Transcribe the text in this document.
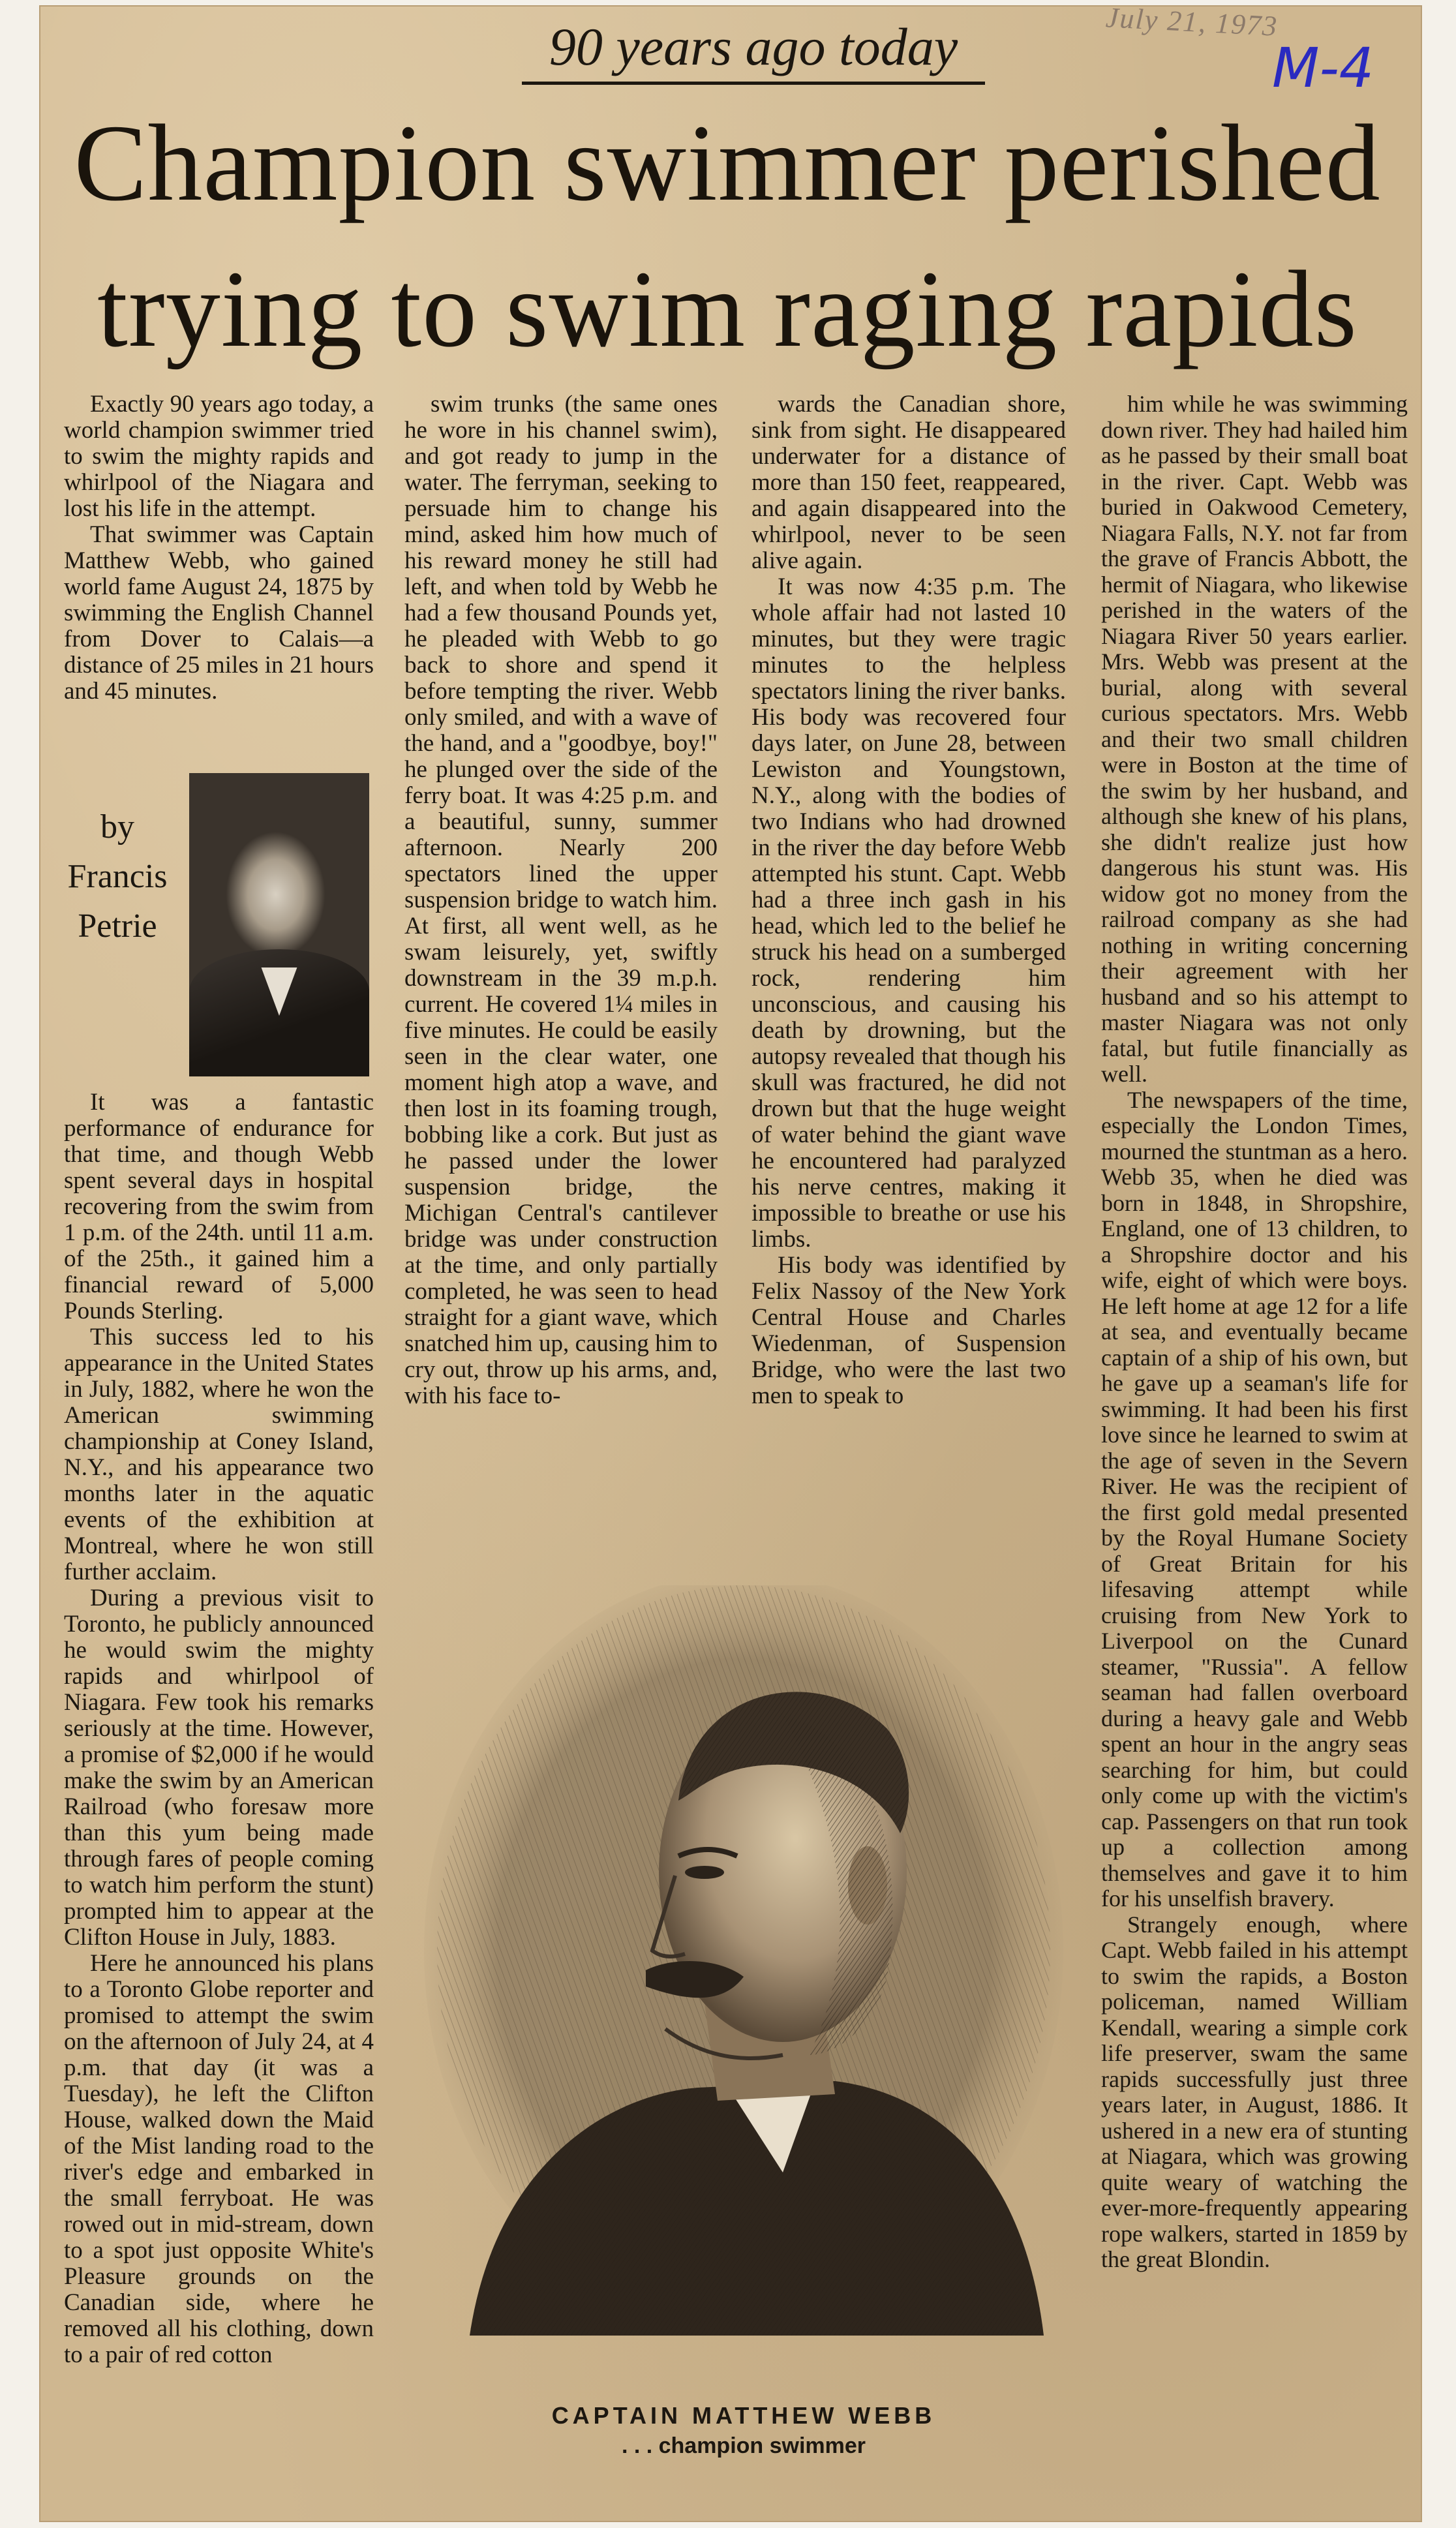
July 21, 1973
M-4
90 years ago today
Champion swimmer perished trying to swim raging rapids

Exactly 90 years ago today, a world champion swimmer tried to swim the mighty rapids and whirlpool of the Niagara and lost his life in the attempt.

That swimmer was Captain Matthew Webb, who gained world fame August 24, 1875 by swimming the English Channel from Dover to Calais—a distance of 25 miles in 21 hours and 45 minutes.

by
Francis
Petrie

It was a fantastic performance of endurance for that time, and though Webb spent several days in hospital recovering from the swim from 1 p.m. of the 24th. until 11 a.m. of the 25th., it gained him a financial reward of 5,000 Pounds Sterling.

This success led to his appearance in the United States in July, 1882, where he won the American swimming championship at Coney Island, N.Y., and his appearance two months later in the aquatic events of the exhibition at Montreal, where he won still further acclaim.

During a previous visit to Toronto, he publicly announced he would swim the mighty rapids and whirlpool of Niagara. Few took his remarks seriously at the time. However, a promise of $2,000 if he would make the swim by an American Railroad (who foresaw more than this yum being made through fares of people coming to watch him perform the stunt) prompted him to appear at the Clifton House in July, 1883.

Here he announced his plans to a Toronto Globe reporter and promised to attempt the swim on the afternoon of July 24, at 4 p.m. that day (it was a Tuesday), he left the Clifton House, walked down the Maid of the Mist landing road to the river's edge and embarked in the small ferryboat. He was rowed out in mid-stream, down to a spot just opposite White's Pleasure grounds on the Canadian side, where he removed all his clothing, down to a pair of red cotton

swim trunks (the same ones he wore in his channel swim), and got ready to jump in the water. The ferryman, seeking to persuade him to change his mind, asked him how much of his reward money he still had left, and when told by Webb he had a few thousand Pounds yet, he pleaded with Webb to go back to shore and spend it before tempting the river. Webb only smiled, and with a wave of the hand, and a "goodbye, boy!" he plunged over the side of the ferry boat. It was 4:25 p.m. and a beautiful, sunny, summer afternoon. Nearly 200 spectators lined the upper suspension bridge to watch him. At first, all went well, as he swam leisurely, yet, swiftly downstream in the 39 m.p.h. current. He covered 1¼ miles in five minutes. He could be easily seen in the clear water, one moment high atop a wave, and then lost in its foaming trough, bobbing like a cork. But just as he passed under the lower suspension bridge, the Michigan Central's cantilever bridge was under construction at the time, and only partially completed, he was seen to head straight for a giant wave, which snatched him up, causing him to cry out, throw up his arms, and, with his face to-

wards the Canadian shore, sink from sight. He disappeared underwater for a distance of more than 150 feet, reappeared, and again disappeared into the whirlpool, never to be seen alive again.

It was now 4:35 p.m. The whole affair had not lasted 10 minutes, but they were tragic minutes to the helpless spectators lining the river banks. His body was recovered four days later, on June 28, between Lewiston and Youngstown, N.Y., along with the bodies of two Indians who had drowned in the river the day before Webb attempted his stunt. Capt. Webb had a three inch gash in his head, which led to the belief he struck his head on a sumberged rock, rendering him unconscious, and causing his death by drowning, but the autopsy revealed that though his skull was fractured, he did not drown but that the huge weight of water behind the giant wave he encountered had paralyzed his nerve centres, making it impossible to breathe or use his limbs.

His body was identified by Felix Nassoy of the New York Central House and Charles Wiedenman, of Suspension Bridge, who were the last two men to speak to

him while he was swimming down river. They had hailed him as he passed by their small boat in the river. Capt. Webb was buried in Oakwood Cemetery, Niagara Falls, N.Y. not far from the grave of Francis Abbott, the hermit of Niagara, who likewise perished in the waters of the Niagara River 50 years earlier. Mrs. Webb was present at the burial, along with several curious spectators. Mrs. Webb and their two small children were in Boston at the time of the swim by her husband, and although she knew of his plans, she didn't realize just how dangerous his stunt was. His widow got no money from the railroad company as she had nothing in writing concerning their agreement with her husband and so his attempt to master Niagara was not only fatal, but futile financially as well.

The newspapers of the time, especially the London Times, mourned the stuntman as a hero. Webb 35, when he died was born in 1848, in Shropshire, England, one of 13 children, to a Shropshire doctor and his wife, eight of which were boys. He left home at age 12 for a life at sea, and eventually became captain of a ship of his own, but he gave up a seaman's life for swimming. It had been his first love since he learned to swim at the age of seven in the Severn River. He was the recipient of the first gold medal presented by the Royal Humane Society of Great Britain for his lifesaving attempt while cruising from New York to Liverpool on the Cunard steamer, "Russia". A fellow seaman had fallen overboard during a heavy gale and Webb spent an hour in the angry seas searching for him, but could only come up with the victim's cap. Passengers on that run took up a collection among themselves and gave it to him for his unselfish bravery.

Strangely enough, where Capt. Webb failed in his attempt to swim the rapids, a Boston policeman, named William Kendall, wearing a simple cork life preserver, swam the same rapids successfully just three years later, in August, 1886. It ushered in a new era of stunting at Niagara, which was growing quite weary of watching the ever-more-frequently appearing rope walkers, started in 1859 by the great Blondin.

CAPTAIN MATTHEW WEBB
. . . champion swimmer
